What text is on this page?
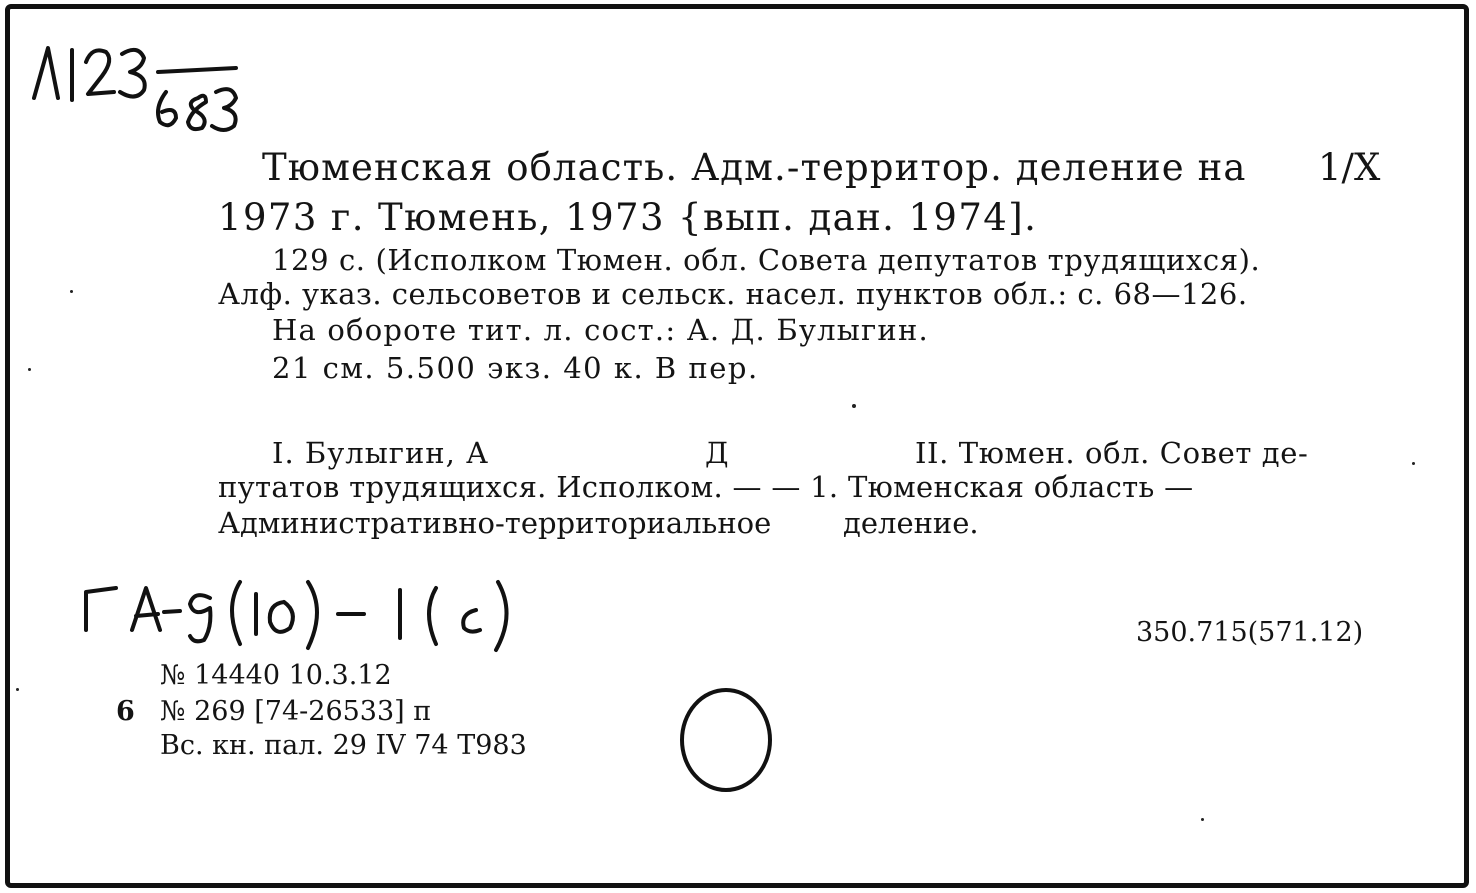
Тюменская область. Адм.-территор. деление на 1/X

1973 г. Тюмень, 1973 {вып. дан. 1974].

129 с. (Исполком Тюмен. обл. Совета депутатов трудящихся).

Алф. указ. сельсоветов и сельск. насел. пунктов обл.: с. 68—126.

На обороте тит. л. сост.: А. Д. Булыгин.

21 см. 5.500 экз. 40 к. В пер.

I. Булыгин, А	Д	II. Тюмен. обл. Совет де-

путатов трудящихся. Исполком. — — 1. Тюменская область —

Административно-территориальное деление.

350.715(571.12)

№ 14440 10.3.12

6 № 269 [74-26533] п

Вс. кн. пал. 29 IV 74 Т983
